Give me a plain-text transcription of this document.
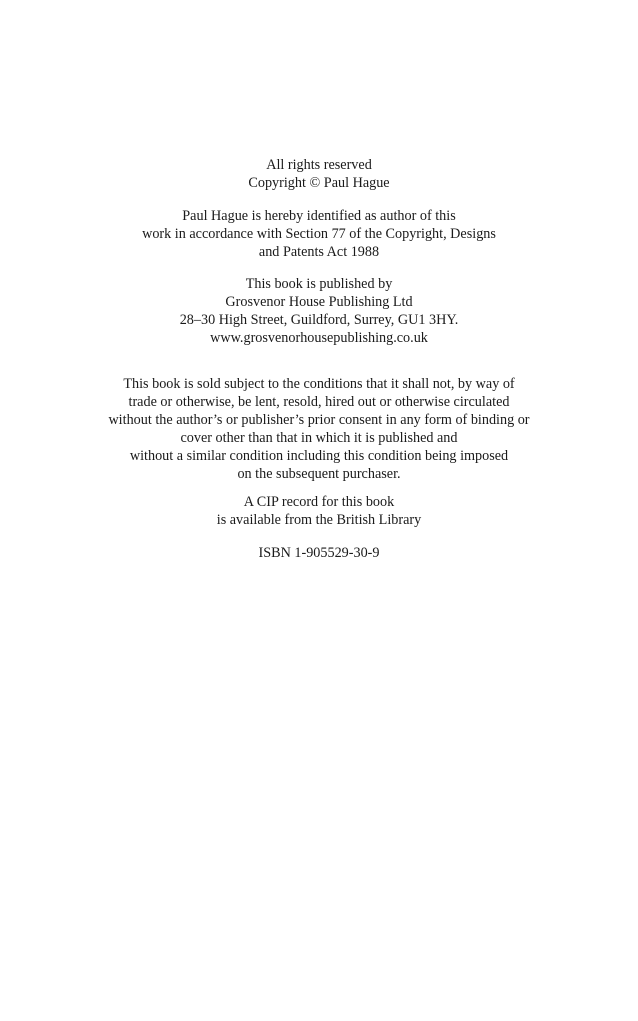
All rights reserved
Copyright © Paul Hague
Paul Hague is hereby identified as author of this
work in accordance with Section 77 of the Copyright, Designs
and Patents Act 1988
This book is published by
Grosvenor House Publishing Ltd
28–30 High Street, Guildford, Surrey, GU1 3HY.
www.grosvenorhousepublishing.co.uk
This book is sold subject to the conditions that it shall not, by way of
trade or otherwise, be lent, resold, hired out or otherwise circulated
without the author’s or publisher’s prior consent in any form of binding or
cover other than that in which it is published and
without a similar condition including this condition being imposed
on the subsequent purchaser.
A CIP record for this book
is available from the British Library
ISBN 1-905529-30-9
